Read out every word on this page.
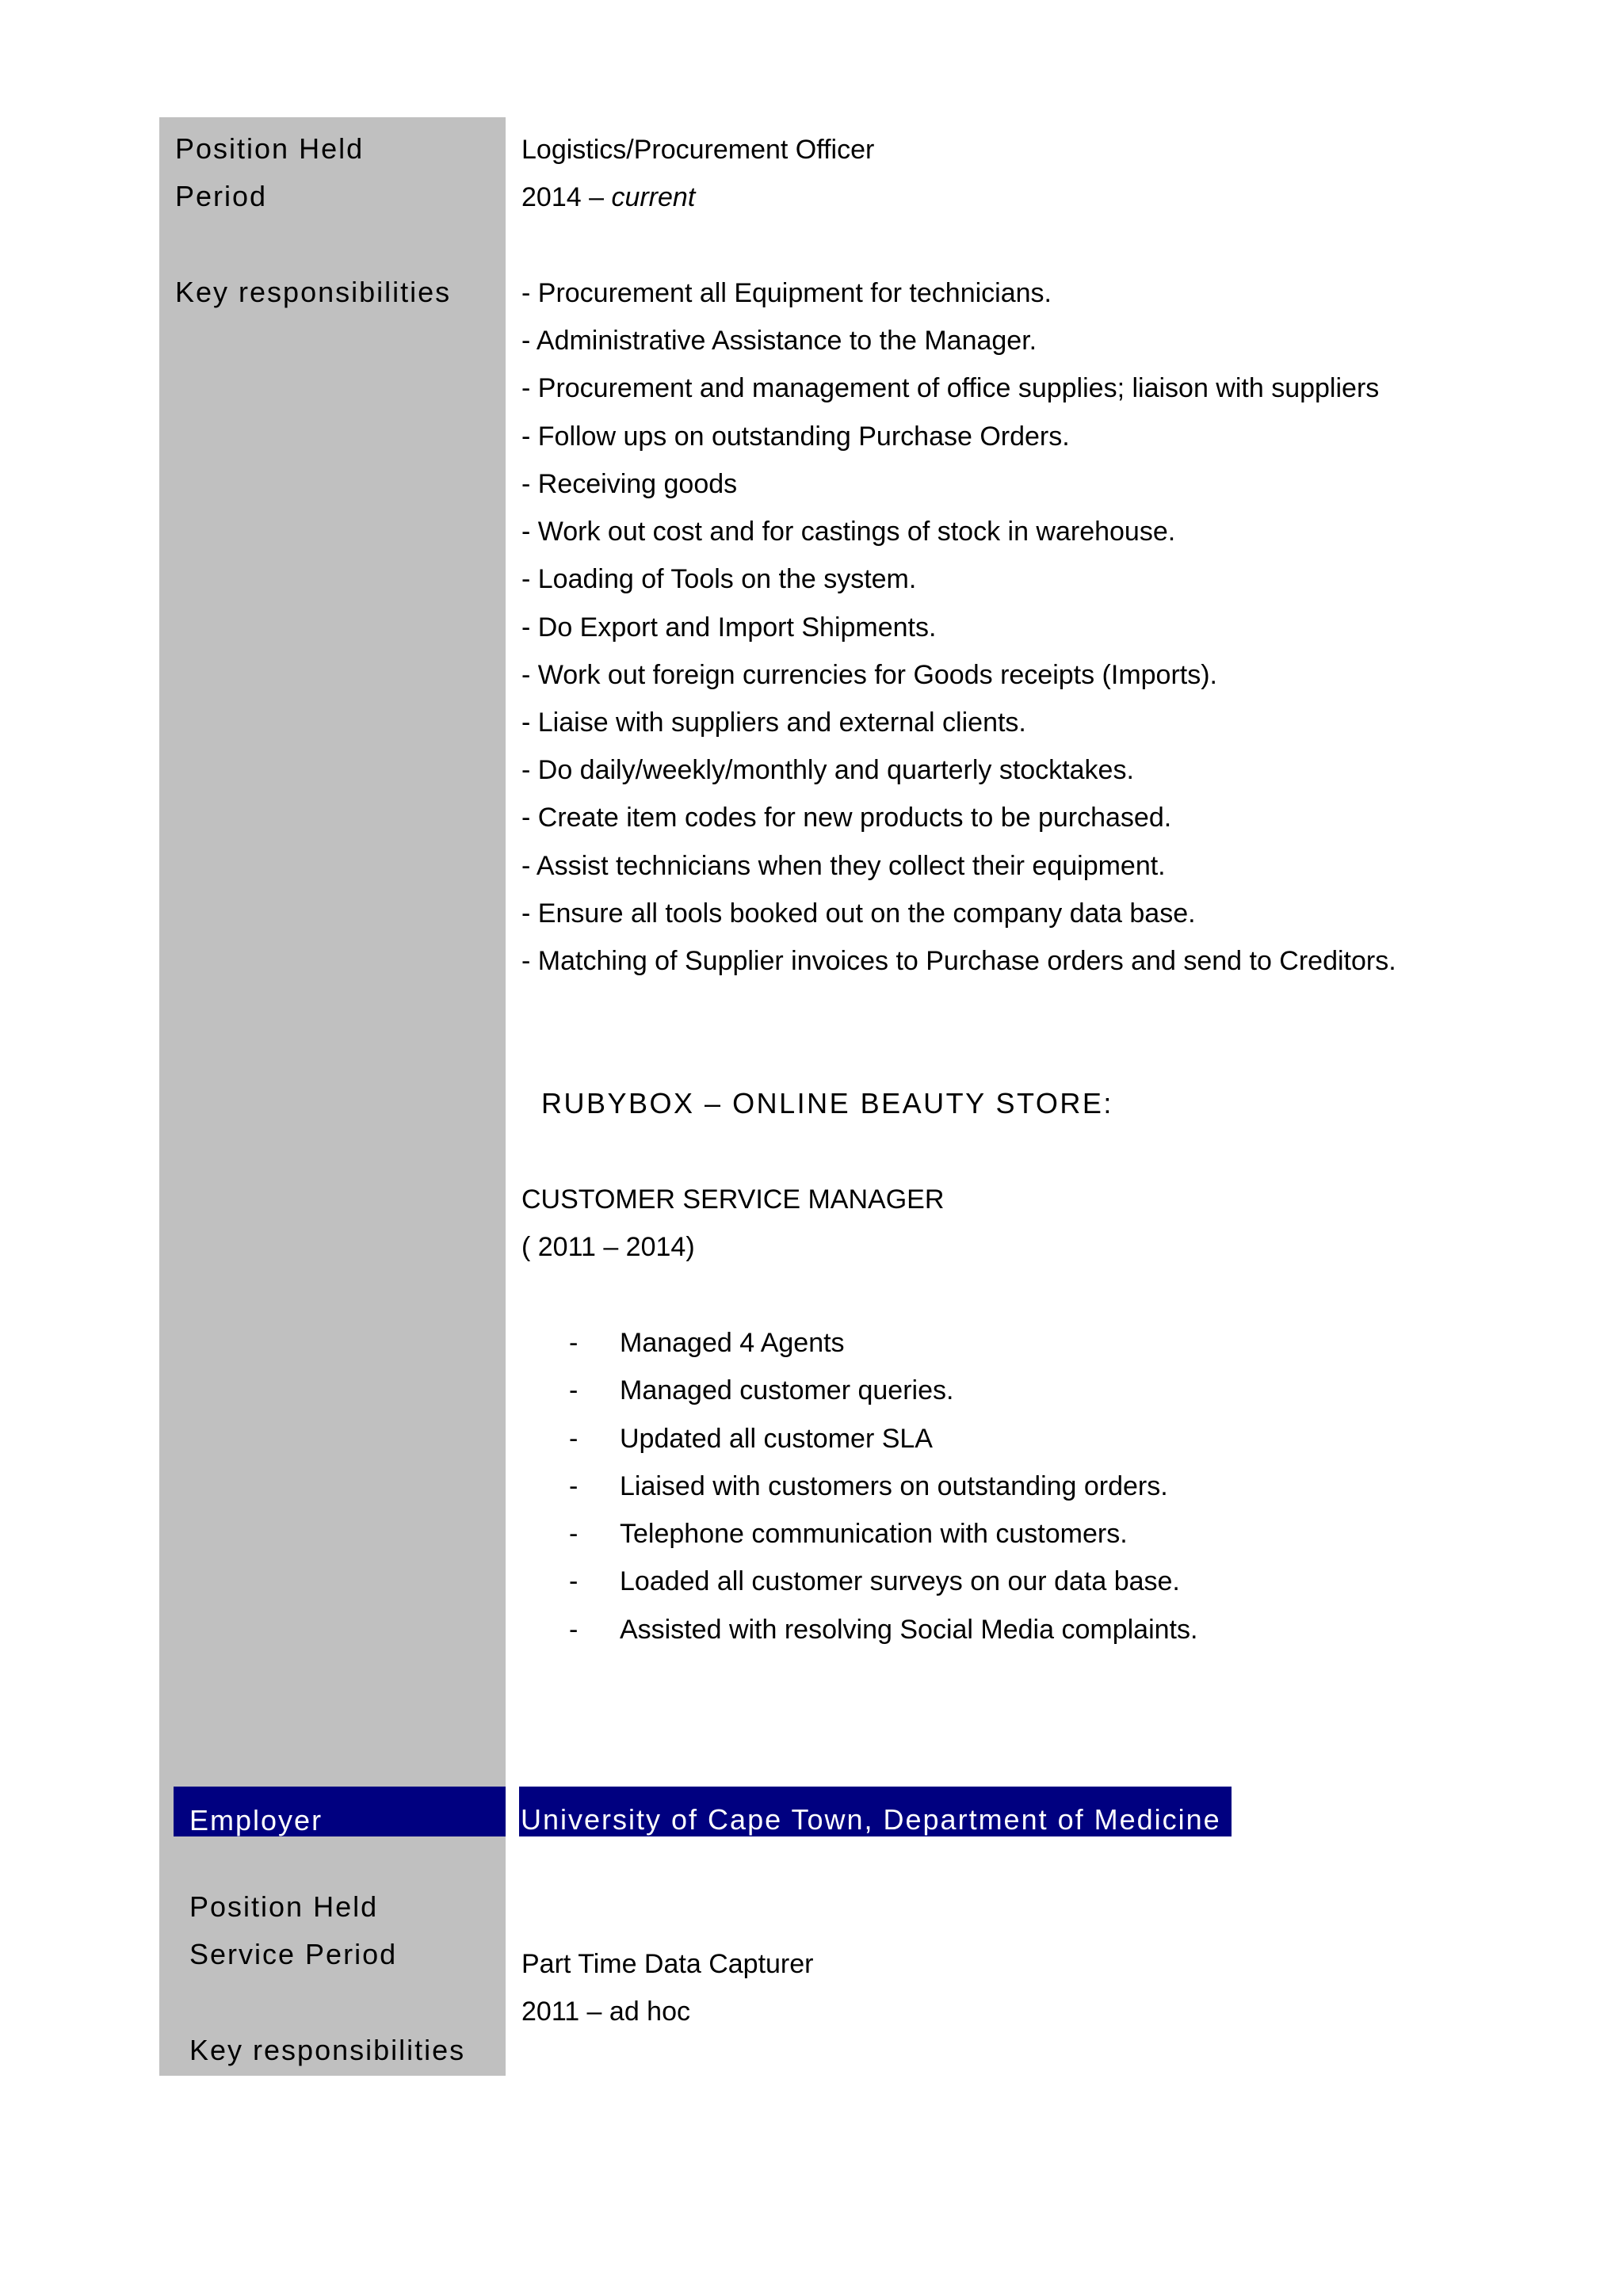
Position Held
Period
Key responsibilities
Logistics/Procurement Officer
2014 – current
- Procurement all Equipment for technicians.
- Administrative Assistance to the Manager.
- Procurement and management of office supplies; liaison with suppliers
- Follow ups on outstanding Purchase Orders.
- Receiving goods
- Work out cost and for castings of stock in warehouse.
- Loading of Tools on the system.
- Do Export and Import Shipments.
- Work out foreign currencies for Goods receipts (Imports).
- Liaise with suppliers and external clients.
- Do daily/weekly/monthly and quarterly stocktakes.
- Create item codes for new products to be purchased.
- Assist technicians when they collect their equipment.
- Ensure all tools booked out on the company data base.
- Matching of Supplier invoices to Purchase orders and send to Creditors.
RUBYBOX – ONLINE BEAUTY STORE:
CUSTOMER SERVICE MANAGER
( 2011 – 2014)
- Managed 4 Agents
- Managed customer queries.
- Updated all customer SLA
- Liaised with customers on outstanding orders.
- Telephone communication with customers.
- Loaded all customer surveys on our data base.
- Assisted with resolving Social Media complaints.
Employer	University of Cape Town, Department of Medicine
Position Held
Service Period
Key responsibilities
Part Time Data Capturer
2011 – ad hoc
